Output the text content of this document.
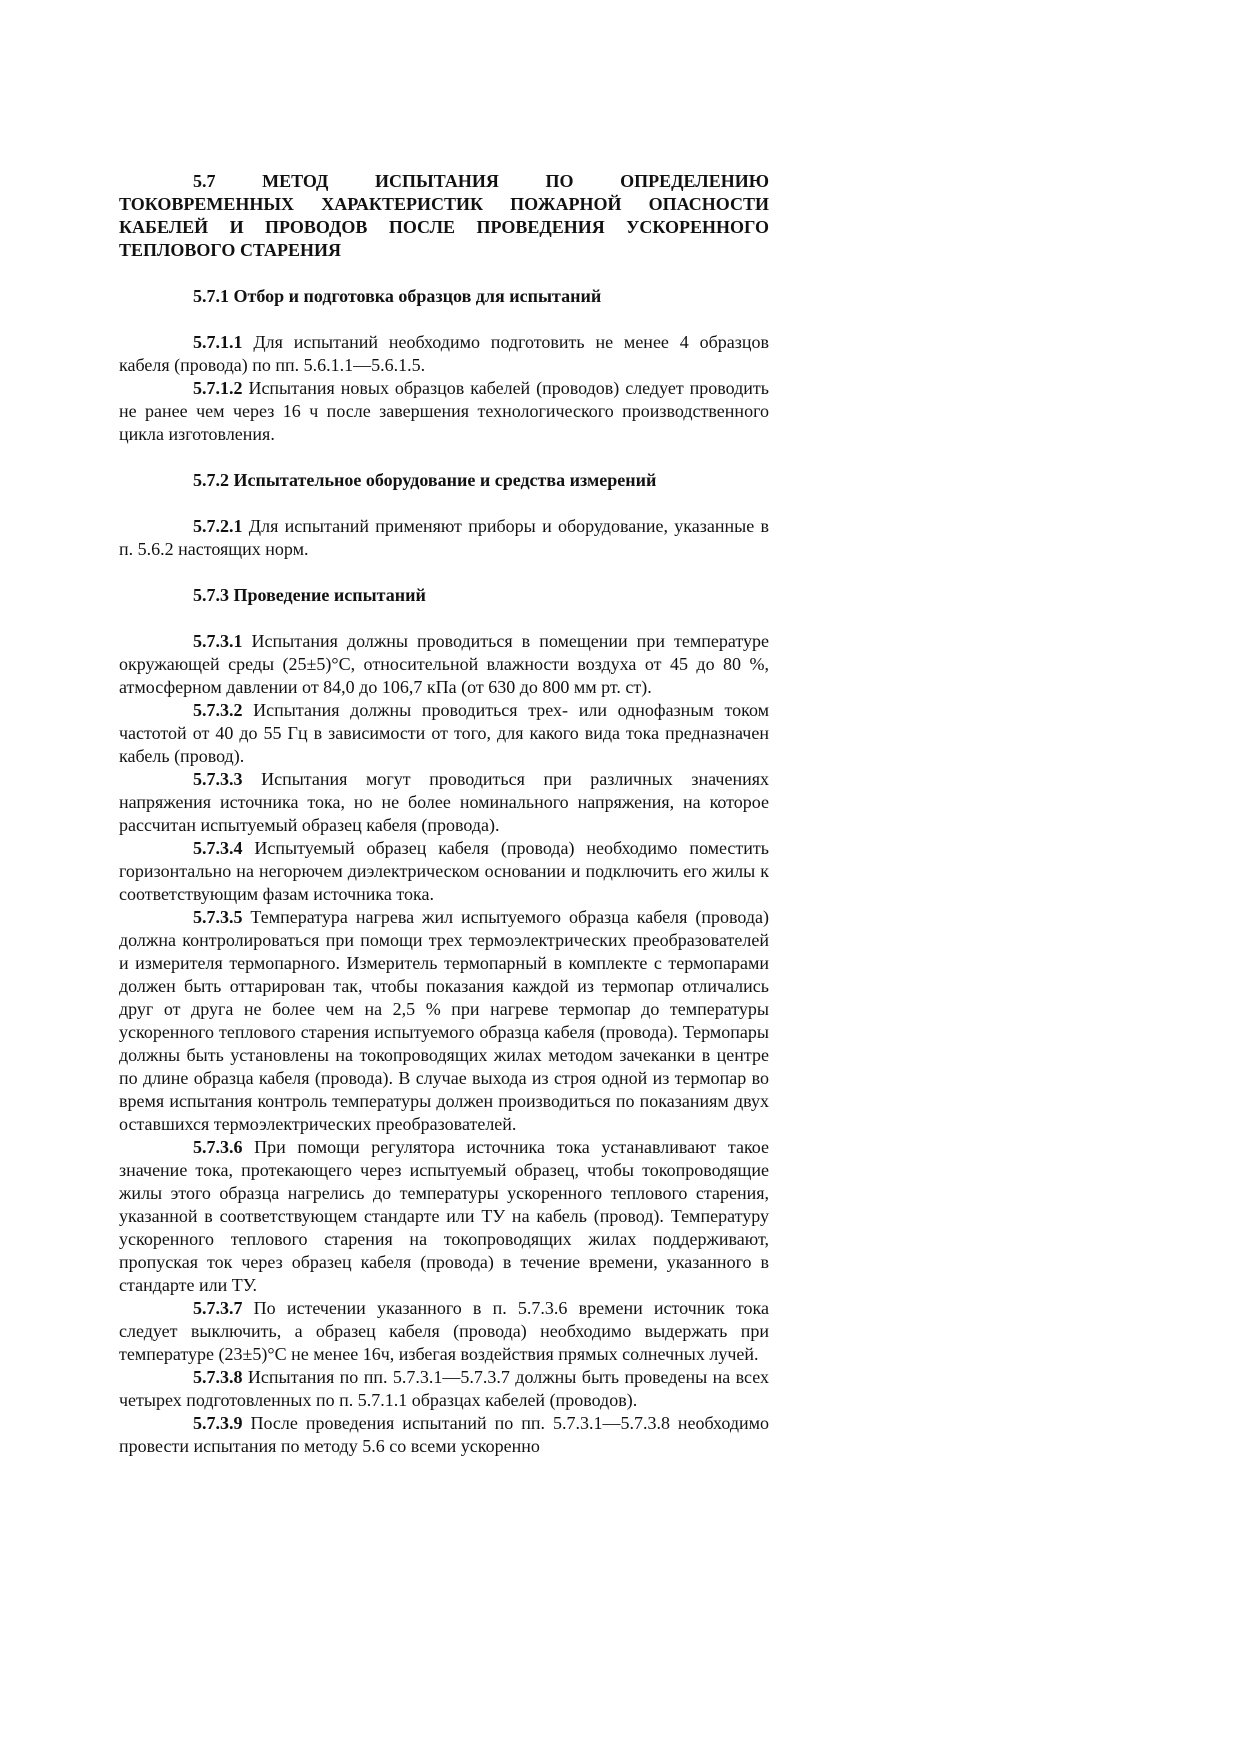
5.7 МЕТОД ИСПЫТАНИЯ ПО ОПРЕДЕЛЕНИЮ ТОКОВРЕМЕННЫХ ХАРАКТЕРИСТИК ПОЖАРНОЙ ОПАСНОСТИ КАБЕЛЕЙ И ПРОВОДОВ ПОСЛЕ ПРОВЕДЕНИЯ УСКОРЕННОГО ТЕПЛОВОГО СТАРЕНИЯ

5.7.1 Отбор и подготовка образцов для испытаний

5.7.1.1 Для испытаний необходимо подготовить не менее 4 образцов кабеля (провода) по пп. 5.6.1.1—5.6.1.5.

5.7.1.2 Испытания новых образцов кабелей (проводов) следует проводить не ранее чем через 16 ч после завершения технологического производственного цикла изготовления.

5.7.2 Испытательное оборудование и средства измерений

5.7.2.1 Для испытаний применяют приборы и оборудование, указанные в п. 5.6.2 настоящих норм.

5.7.3 Проведение испытаний

5.7.3.1 Испытания должны проводиться в помещении при температуре окружающей среды (25±5)°С, относительной влажности воздуха от 45 до 80 %, атмосферном давлении от 84,0 до 106,7 кПа (от 630 до 800 мм рт. ст).

5.7.3.2 Испытания должны проводиться трех- или однофазным током частотой от 40 до 55 Гц в зависимости от того, для какого вида тока предназначен кабель (провод).

5.7.3.3 Испытания могут проводиться при различных значениях напряжения источника тока, но не более номинального напряжения, на которое рассчитан испытуемый образец кабеля (провода).

5.7.3.4 Испытуемый образец кабеля (провода) необходимо поместить горизонтально на негорючем диэлектрическом основании и подключить его жилы к соответствующим фазам источника тока.

5.7.3.5 Температура нагрева жил испытуемого образца кабеля (провода) должна контролироваться при помощи трех термоэлектрических преобразователей и измерителя термопарного. Измеритель термопарный в комплекте с термопарами должен быть оттарирован так, чтобы показания каждой из термопар отличались друг от друга не более чем на 2,5 % при нагреве термопар до температуры ускоренного теплового старения испытуемого образца кабеля (провода). Термопары должны быть установлены на токопроводящих жилах методом зачеканки в центре по длине образца кабеля (провода). В случае выхода из строя одной из термопар во время испытания контроль температуры должен производиться по показаниям двух оставшихся термоэлектрических преобразователей.

5.7.3.6 При помощи регулятора источника тока устанавливают такое значение тока, протекающего через испытуемый образец, чтобы токопроводящие жилы этого образца нагрелись до температуры ускоренного теплового старения, указанной в соответствующем стандарте или ТУ на кабель (провод). Температуру ускоренного теплового старения на токопроводящих жилах поддерживают, пропуская ток через образец кабеля (провода) в течение времени, указанного в стандарте или ТУ.

5.7.3.7 По истечении указанного в п. 5.7.3.6 времени источник тока следует выключить, а образец кабеля (провода) необходимо выдержать при температуре (23±5)°С не менее 16ч, избегая воздействия прямых солнечных лучей.

5.7.3.8 Испытания по пп. 5.7.3.1—5.7.3.7 должны быть проведены на всех четырех подготовленных по п. 5.7.1.1 образцах кабелей (проводов).

5.7.3.9 После проведения испытаний по пп. 5.7.3.1—5.7.3.8 необходимо провести испытания по методу 5.6 со всеми ускоренно
